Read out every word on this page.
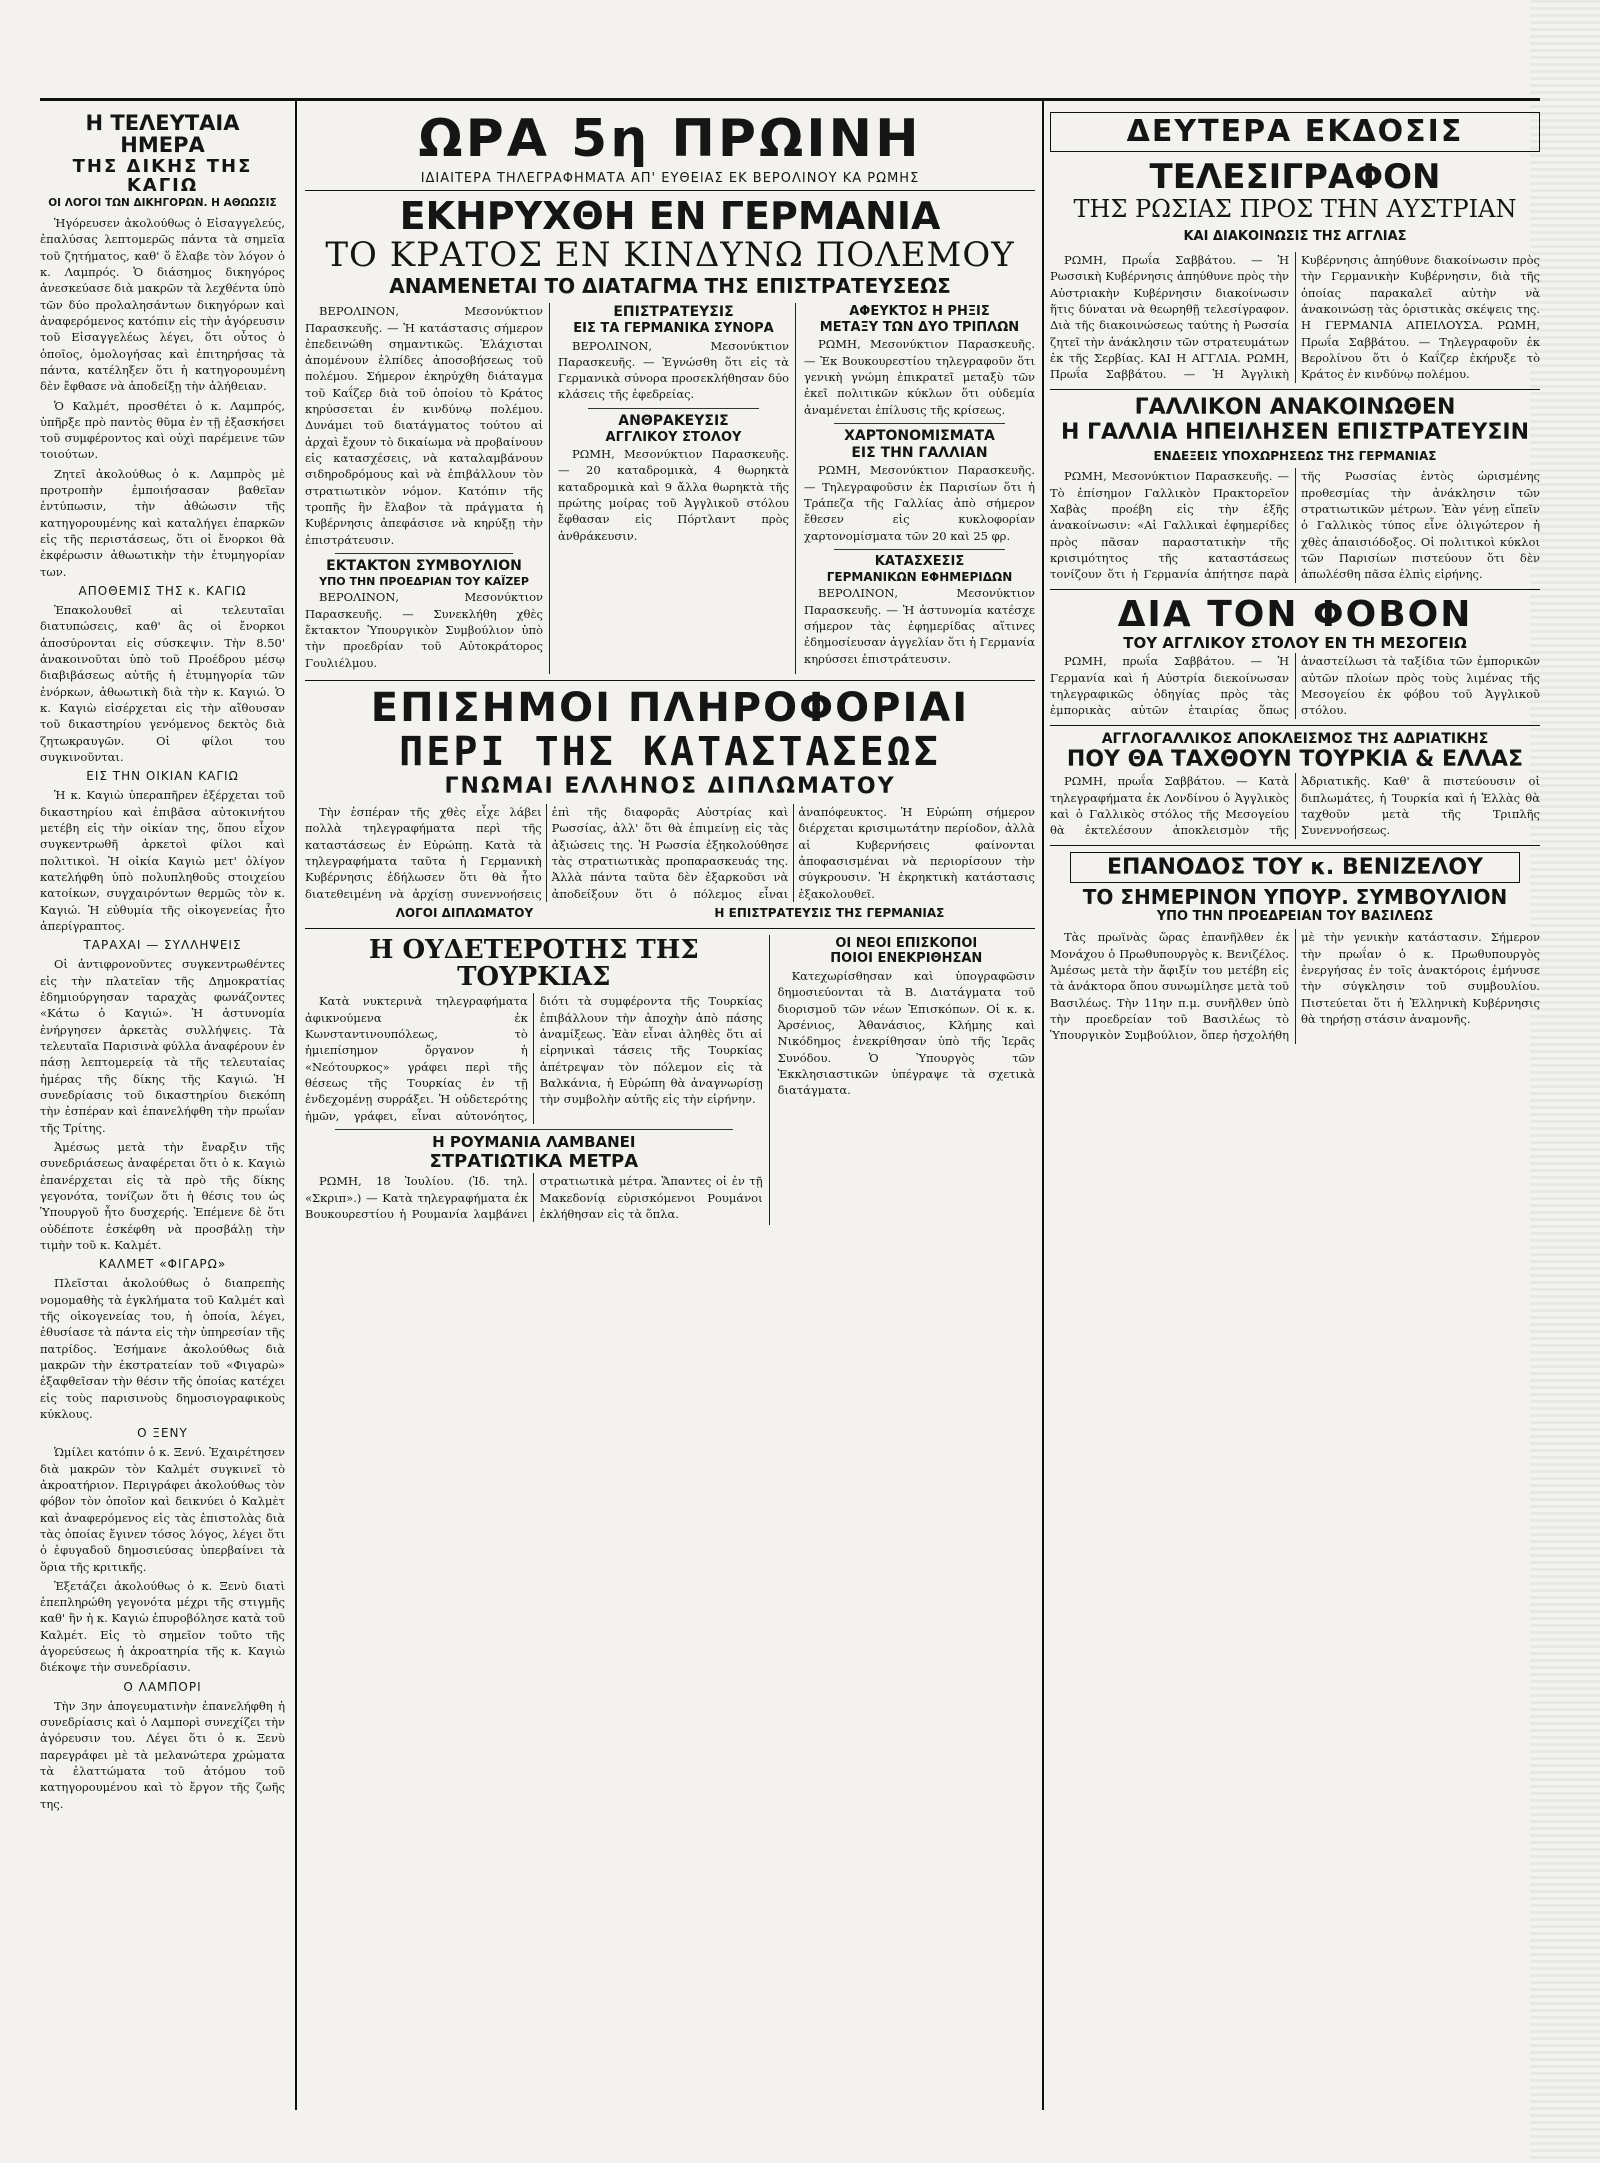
Η ΤΕΛΕΥΤΑΙΑ ΗΜΕΡΑ
ΤΗΣ ΔΙΚΗΣ ΤΗΣ ΚΑΓΙΩ
ΟΙ ΛΟΓΟΙ ΤΩΝ ΔΙΚΗΓΟΡΩΝ. Η ΑΘΩΩΣΙΣ

Ἡγόρευσεν ἀκολούθως ὁ Εἰσαγγελεύς, ἐπαλύσας λεπτομερῶς πάντα τὰ σημεῖα τοῦ ζητήματος, καθ' ὅ ἔλαβε τὸν λόγον ὁ κ. Λαμπρός. Ὁ διάσημος δικηγόρος ἀνεσκεύασε διὰ μακρῶν τὰ λεχθέντα ὑπὸ τῶν δύο προλαλησάντων δικηγόρων καὶ ἀναφερόμενος κατόπιν εἰς τὴν ἀγόρευσιν τοῦ Εἰσαγγελέως λέγει, ὅτι οὗτος ὁ ὁποῖος, ὁμολογήσας καὶ ἐπιτηρήσας τὰ πάντα, κατέληξεν ὅτι ἡ κατηγορουμένη δὲν ἔφθασε νὰ ἀποδείξῃ τὴν ἀλήθειαν.

Ὁ Καλμέτ, προσθέτει ὁ κ. Λαμπρός, ὑπῆρξε πρὸ παντὸς θῦμα ἐν τῇ ἐξασκήσει τοῦ συμφέροντος καὶ οὐχὶ παρέμεινε τῶν τοιούτων.

Ζητεῖ ἀκολούθως ὁ κ. Λαμπρὸς μὲ προτροπὴν ἐμποιήσασαν βαθεῖαν ἐντύπωσιν, τὴν ἀθώωσιν τῆς κατηγορουμένης καὶ καταλήγει ἐπαρκῶν εἰς τῆς περιστάσεως, ὅτι οἱ ἔνορκοι θὰ ἐκφέρωσιν ἀθωωτικὴν τὴν ἐτυμηγορίαν των.

ΑΠΟΘΕΜΙΣ ΤΗΣ κ. ΚΑΓΙΩ

Ἐπακολουθεῖ αἱ τελευταῖαι διατυπώσεις, καθ' ἃς οἱ ἔνορκοι ἀποσύρονται εἰς σύσκεψιν. Τὴν 8.50' ἀνακοινοῦται ὑπὸ τοῦ Προέδρου μέσῳ διαβιβάσεως αὐτῆς ἡ ἐτυμηγορία τῶν ἐνόρκων, ἀθωωτικὴ διὰ τὴν κ. Καγιώ. Ὁ κ. Καγιὼ εἰσέρχεται εἰς τὴν αἴθουσαν τοῦ δικαστηρίου γενόμενος δεκτὸς διὰ ζητωκραυγῶν. Οἱ φίλοι του συγκινοῦνται.

ΕΙΣ ΤΗΝ ΟΙΚΙΑΝ ΚΑΓΙΩ

Ἡ κ. Καγιὼ ὑπεραπῆρεν ἐξέρχεται τοῦ δικαστηρίου καὶ ἐπιβᾶσα αὐτοκινήτου μετέβη εἰς τὴν οἰκίαν της, ὅπου εἶχον συγκεντρωθῆ ἀρκετοὶ φίλοι καὶ πολιτικοὶ. Ἡ οἰκία Καγιὼ μετ' ὀλίγον κατελήφθη ὑπὸ πολυπληθοῦς στοιχείου κατοίκων, συγχαιρόντων θερμῶς τὸν κ. Καγιώ. Ἡ εὐθυμία τῆς οἰκογενείας ἦτο ἀπερίγραπτος.

ΤΑΡΑΧΑΙ — ΣΥΛΛΗΨΕΙΣ

Οἱ ἀντιφρονοῦντες συγκεντρωθέντες εἰς τὴν πλατεῖαν τῆς Δημοκρατίας ἐδημιούργησαν ταραχὰς φωνάζοντες «Κάτω ὁ Καγιώ». Ἡ ἀστυνομία ἐνήργησεν ἀρκετὰς συλλήψεις. Τὰ τελευταῖα Παρισινὰ φύλλα ἀναφέρουν ἐν πάσῃ λεπτομερείᾳ τὰ τῆς τελευταίας ἡμέρας τῆς δίκης τῆς Καγιώ. Ἡ συνεδρίασις τοῦ δικαστηρίου διεκόπη τὴν ἑσπέραν καὶ ἐπανελήφθη τὴν πρωΐαν τῆς Τρίτης.

Ἀμέσως μετὰ τὴν ἔναρξιν τῆς συνεδριάσεως ἀναφέρεται ὅτι ὁ κ. Καγιὼ ἐπανέρχεται εἰς τὰ πρὸ τῆς δίκης γεγονότα, τονίζων ὅτι ἡ θέσις του ὡς Ὑπουργοῦ ἦτο δυσχερής. Ἐπέμενε δὲ ὅτι οὐδέποτε ἐσκέφθη νὰ προσβάλῃ τὴν τιμὴν τοῦ κ. Καλμέτ.

ΚΑΛΜΕΤ «ΦΙΓΑΡΩ»

Πλεῖσται ἀκολούθως ὁ διαπρεπὴς νομομαθὴς τὰ ἐγκλήματα τοῦ Καλμέτ καὶ τῆς οἰκογενείας του, ἡ ὁποία, λέγει, ἐθυσίασε τὰ πάντα εἰς τὴν ὑπηρεσίαν τῆς πατρίδος. Ἐσήμανε ἀκολούθως διὰ μακρῶν τὴν ἐκστρατείαν τοῦ «Φιγαρὼ» ἐξαφθεῖσαν τὴν θέσιν τῆς ὁποίας κατέχει εἰς τοὺς παρισινοὺς δημοσιογραφικοὺς κύκλους.

Ο ΞΕΝΥ

Ὡμίλει κατόπιν ὁ κ. Ξενύ. Ἐχαιρέτησεν διὰ μακρῶν τὸν Καλμέτ συγκινεῖ τὸ ἀκροατήριον. Περιγράφει ἀκολούθως τὸν φόβον τὸν ὁποῖον καὶ δεικνύει ὁ Καλμὲτ καὶ ἀναφερόμενος εἰς τὰς ἐπιστολὰς διὰ τὰς ὁποίας ἔγινεν τόσος λόγος, λέγει ὅτι ὁ ἐφυγαδοῦ δημοσιεύσας ὑπερβαίνει τὰ ὅρια τῆς κριτικῆς.

Ἐξετάζει ἀκολούθως ὁ κ. Ξενὺ διατὶ ἐπεπληρώθη γεγονότα μέχρι τῆς στιγμῆς καθ' ἣν ἡ κ. Καγιὼ ἐπυροβόλησε κατὰ τοῦ Καλμέτ. Εἰς τὸ σημεῖον τοῦτο τῆς ἀγορεύσεως ἡ ἀκροατηρία τῆς κ. Καγιὼ διέκοψε τὴν συνεδρίασιν.

Ο ΛΑΜΠΟΡΙ

Τὴν 3ην ἀπογευματινὴν ἐπανελήφθη ἡ συνεδρίασις καὶ ὁ Λαμπορὶ συνεχίζει τὴν ἀγόρευσιν του. Λέγει ὅτι ὁ κ. Ξενὺ παρεγράφει μὲ τὰ μελανώτερα χρώματα τὰ ἐλαττώματα τοῦ ἀτόμου τοῦ κατηγορουμένου καὶ τὸ ἔργον τῆς ζωῆς της.

ΩΡΑ 5η ΠΡΩΙΝΗ
ΙΔΙΑΙΤΕΡΑ ΤΗΛΕΓΡΑΦΗΜΑΤΑ ΑΠ' ΕΥΘΕΙΑΣ ΕΚ ΒΕΡΟΛΙΝΟΥ ΚΑ ΡΩΜΗΣ
ΕΚΗΡΥΧΘΗ ΕΝ ΓΕΡΜΑΝΙΑ
ΤΟ ΚΡΑΤΟΣ ΕΝ ΚΙΝΔΥΝΩ ΠΟΛΕΜΟΥ
ΑΝΑΜΕΝΕΤΑΙ ΤΟ ΔΙΑΤΑΓΜΑ ΤΗΣ ΕΠΙΣΤΡΑΤΕΥΣΕΩΣ

ΒΕΡΟΛΙΝΟΝ, Μεσονύκτιον Παρασκευῆς. — Ἡ κατάστασις σήμερον ἐπεδεινώθη σημαντικῶς. Ἐλάχισται ἀπομένουν ἐλπίδες ἀποσοβήσεως τοῦ πολέμου. Σήμερον ἐκηρύχθη διάταγμα τοῦ Καΐζερ διὰ τοῦ ὁποίου τὸ Κράτος κηρύσσεται ἐν κινδύνῳ πολέμου. Δυνάμει τοῦ διατάγματος τούτου αἱ ἀρχαὶ ἔχουν τὸ δικαίωμα νὰ προβαίνουν εἰς κατασχέσεις, νὰ καταλαμβάνουν σιδηροδρόμους καὶ νὰ ἐπιβάλλουν τὸν στρατιωτικὸν νόμον. Κατόπιν τῆς τροπῆς ἣν ἔλαβον τὰ πράγματα ἡ Κυβέρνησις ἀπεφάσισε νὰ κηρύξῃ τὴν ἐπιστράτευσιν.

ΕΚΤΑΚΤΟΝ ΣΥΜΒΟΥΛΙΟΝ
ΥΠΟ ΤΗΝ ΠΡΟΕΔΡΙΑΝ ΤΟΥ ΚΑΪΖΕΡ

ΒΕΡΟΛΙΝΟΝ, Μεσονύκτιον Παρασκευῆς. — Συνεκλήθη χθὲς ἔκτακτον Ὑπουργικὸν Συμβούλιον ὑπὸ τὴν προεδρίαν τοῦ Αὐτοκράτορος Γουλιέλμου.

ΕΠΙΣΤΡΑΤΕΥΣΙΣ
ΕΙΣ ΤΑ ΓΕΡΜΑΝΙΚΑ ΣΥΝΟΡΑ

ΒΕΡΟΛΙΝΟΝ, Μεσονύκτιον Παρασκευῆς. — Ἐγνώσθη ὅτι εἰς τὰ Γερμανικὰ σύνορα προσεκλήθησαν δύο κλάσεις τῆς ἐφεδρείας.

ΑΝΘΡΑΚΕΥΣΙΣ
ΑΓΓΛΙΚΟΥ ΣΤΟΛΟΥ

ΡΩΜΗ, Μεσονύκτιον Παρασκευῆς. — 20 καταδρομικὰ, 4 θωρηκτὰ καταδρομικὰ καὶ 9 ἄλλα θωρηκτὰ τῆς πρώτης μοίρας τοῦ Ἀγγλικοῦ στόλου ἔφθασαν εἰς Πόρτλαντ πρὸς ἀνθράκευσιν.

ΑΦΕΥΚΤΟΣ Η ΡΗΞΙΣ
ΜΕΤΑΞΥ ΤΩΝ ΔΥΟ ΤΡΙΠΛΩΝ

ΡΩΜΗ, Μεσονύκτιον Παρασκευῆς. — Ἐκ Βουκουρεστίου τηλεγραφοῦν ὅτι γενικὴ γνώμη ἐπικρατεῖ μεταξὺ τῶν ἐκεῖ πολιτικῶν κύκλων ὅτι οὐδεμία ἀναμένεται ἐπίλυσις τῆς κρίσεως.

ΧΑΡΤΟΝΟΜΙΣΜΑΤΑ
ΕΙΣ ΤΗΝ ΓΑΛΛΙΑΝ

ΡΩΜΗ, Μεσονύκτιον Παρασκευῆς. — Τηλεγραφοῦσιν ἐκ Παρισίων ὅτι ἡ Τράπεζα τῆς Γαλλίας ἀπὸ σήμερον ἔθεσεν εἰς κυκλοφορίαν χαρτονομίσματα τῶν 20 καὶ 25 φρ.

ΚΑΤΑΣΧΕΣΙΣ
ΓΕΡΜΑΝΙΚΩΝ ΕΦΗΜΕΡΙΔΩΝ

ΒΕΡΟΛΙΝΟΝ, Μεσονύκτιον Παρασκευῆς. — Ἡ ἀστυνομία κατέσχε σήμερον τὰς ἐφημερίδας αἵτινες ἐδημοσίευσαν ἀγγελίαν ὅτι ἡ Γερμανία κηρύσσει ἐπιστράτευσιν.

ΕΠΙΣΗΜΟΙ ΠΛΗΡΟΦΟΡΙΑΙ
ΠΕΡΙ ΤΗΣ ΚΑΤΑΣΤΑΣΕΩΣ
ΓΝΩΜΑΙ ΕΛΛΗΝΟΣ ΔΙΠΛΩΜΑΤΟΥ

Τὴν ἑσπέραν τῆς χθὲς εἶχε λάβει πολλὰ τηλεγραφήματα περὶ τῆς καταστάσεως ἐν Εὐρώπῃ. Κατὰ τὰ τηλεγραφήματα ταῦτα ἡ Γερμανικὴ Κυβέρνησις ἐδήλωσεν ὅτι θὰ ἦτο διατεθειμένη νὰ ἀρχίσῃ συνεννοήσεις ἐπὶ τῆς διαφορᾶς Αὐστρίας καὶ Ρωσσίας, ἀλλ' ὅτι θὰ ἐπιμείνῃ εἰς τὰς ἀξιώσεις της. Ἡ Ρωσσία ἐξηκολούθησε τὰς στρατιωτικὰς προπαρασκευάς της. Ἀλλὰ πάντα ταῦτα δὲν ἐξαρκοῦσι νὰ ἀποδείξουν ὅτι ὁ πόλεμος εἶναι ἀναπόφευκτος. Ἡ Εὐρώπη σήμερον διέρχεται κρισιμωτάτην περίοδον, ἀλλὰ αἱ Κυβερνήσεις φαίνονται ἀποφασισμέναι νὰ περιορίσουν τὴν σύγκρουσιν. Ἡ ἐκρηκτικὴ κατάστασις ἐξακολουθεῖ.

ΛΟΓΟΙ ΔΙΠΛΩΜΑΤΟΥ	Η ΕΠΙΣΤΡΑΤΕΥΣΙΣ ΤΗΣ ΓΕΡΜΑΝΙΑΣ
Η ΟΥΔΕΤΕΡΟΤΗΣ ΤΗΣ ΤΟΥΡΚΙΑΣ

Κατὰ νυκτερινὰ τηλεγραφήματα ἀφικνούμενα ἐκ Κωνσταντινουπόλεως, τὸ ἡμιεπίσημον ὄργανον ἡ «Νεότουρκος» γράφει περὶ τῆς θέσεως τῆς Τουρκίας ἐν τῇ ἐνδεχομένῃ συρράξει. Ἡ οὐδετερότης ἡμῶν, γράφει, εἶναι αὐτονόητος, διότι τὰ συμφέροντα τῆς Τουρκίας ἐπιβάλλουν τὴν ἀποχὴν ἀπὸ πάσης ἀναμίξεως. Ἐὰν εἶναι ἀληθὲς ὅτι αἱ εἰρηνικαὶ τάσεις τῆς Τουρκίας ἀπέτρεψαν τὸν πόλεμον εἰς τὰ Βαλκάνια, ἡ Εὐρώπη θὰ ἀναγνωρίσῃ τὴν συμβολὴν αὐτῆς εἰς τὴν εἰρήνην.

Η ΡΟΥΜΑΝΙΑ ΛΑΜΒΑΝΕΙ
ΣΤΡΑΤΙΩΤΙΚΑ ΜΕΤΡΑ

ΡΩΜΗ, 18 Ἰουλίου. (Ἰδ. τηλ. «Σκριπ».) — Κατὰ τηλεγραφήματα ἐκ Βουκουρεστίου ἡ Ρουμανία λαμβάνει στρατιωτικὰ μέτρα. Ἅπαντες οἱ ἐν τῇ Μακεδονίᾳ εὑρισκόμενοι Ρουμάνοι ἐκλήθησαν εἰς τὰ ὅπλα.

ΟΙ ΝΕΟΙ ΕΠΙΣΚΟΠΟΙ
ΠΟΙΟΙ ΕΝΕΚΡΙΘΗΣΑΝ

Κατεχωρίσθησαν καὶ ὑπογραφῶσιν δημοσιεύονται τὰ Β. Διατάγματα τοῦ διορισμοῦ τῶν νέων Ἐπισκόπων. Οἱ κ. κ. Ἀρσένιος, Ἀθανάσιος, Κλήμης καὶ Νικόδημος ἐνεκρίθησαν ὑπὸ τῆς Ἱερᾶς Συνόδου. Ὁ Ὑπουργὸς τῶν Ἐκκλησιαστικῶν ὑπέγραψε τὰ σχετικὰ διατάγματα.

ΔΕΥΤΕΡΑ ΕΚΔΟΣΙΣ
ΤΕΛΕΣΙΓΡΑΦΟΝ
ΤΗΣ ΡΩΣΙΑΣ ΠΡΟΣ ΤΗΝ ΑΥΣΤΡΙΑΝ
ΚΑΙ ΔΙΑΚΟΙΝΩΣΙΣ ΤΗΣ ΑΓΓΛΙΑΣ

ΡΩΜΗ, Πρωΐα Σαββάτου. — Ἡ Ρωσσικὴ Κυβέρνησις ἀπηύθυνε πρὸς τὴν Αὐστριακὴν Κυβέρνησιν διακοίνωσιν ἥτις δύναται νὰ θεωρηθῇ τελεσίγραφον. Διὰ τῆς διακοινώσεως ταύτης ἡ Ρωσσία ζητεῖ τὴν ἀνάκλησιν τῶν στρατευμάτων ἐκ τῆς Σερβίας. ΚΑΙ Η ΑΓΓΛΙΑ. ΡΩΜΗ, Πρωΐα Σαββάτου. — Ἡ Ἀγγλικὴ Κυβέρνησις ἀπηύθυνε διακοίνωσιν πρὸς τὴν Γερμανικὴν Κυβέρνησιν, διὰ τῆς ὁποίας παρακαλεῖ αὐτὴν νὰ ἀνακοινώσῃ τὰς ὁριστικὰς σκέψεις της. Η ΓΕΡΜΑΝΙΑ ΑΠΕΙΛΟΥΣΑ. ΡΩΜΗ, Πρωΐα Σαββάτου. — Τηλεγραφοῦν ἐκ Βερολίνου ὅτι ὁ Καΐζερ ἐκήρυξε τὸ Κράτος ἐν κινδύνῳ πολέμου.

ΓΑΛΛΙΚΟΝ ΑΝΑΚΟΙΝΩΘΕΝ
Η ΓΑΛΛΙΑ ΗΠΕΙΛΗΣΕΝ ΕΠΙΣΤΡΑΤΕΥΣΙΝ
ΕΝΔΕΞΕΙΣ ΥΠΟΧΩΡΗΣΕΩΣ ΤΗΣ ΓΕΡΜΑΝΙΑΣ

ΡΩΜΗ, Μεσονύκτιον Παρασκευῆς. — Τὸ ἐπίσημον Γαλλικὸν Πρακτορεῖον Χαβὰς προέβη εἰς τὴν ἑξῆς ἀνακοίνωσιν: «Αἱ Γαλλικαὶ ἐφημερίδες πρὸς πᾶσαν παραστατικὴν τῆς κρισιμότητος τῆς καταστάσεως τονίζουν ὅτι ἡ Γερμανία ἀπήτησε παρὰ τῆς Ρωσσίας ἐντὸς ὡρισμένης προθεσμίας τὴν ἀνάκλησιν τῶν στρατιωτικῶν μέτρων. Ἐὰν γένῃ εἴπεῖν ὁ Γαλλικὸς τύπος εἶνε ὀλιγώτερον ἡ χθὲς ἀπαισιόδοξος. Οἱ πολιτικοὶ κύκλοι τῶν Παρισίων πιστεύουν ὅτι δὲν ἀπωλέσθη πᾶσα ἐλπὶς εἰρήνης.

ΔΙΑ ΤΟΝ ΦΟΒΟΝ
ΤΟΥ ΑΓΓΛΙΚΟΥ ΣΤΟΛΟΥ ΕΝ ΤΗ ΜΕΣΟΓΕΙΩ

ΡΩΜΗ, πρωΐα Σαββάτου. — Ἡ Γερμανία καὶ ἡ Αὐστρία διεκοίνωσαν τηλεγραφικῶς ὁδηγίας πρὸς τὰς ἐμπορικὰς αὐτῶν ἑταιρίας ὅπως ἀναστείλωσι τὰ ταξίδια τῶν ἐμπορικῶν αὐτῶν πλοίων πρὸς τοὺς λιμένας τῆς Μεσογείου ἐκ φόβου τοῦ Ἀγγλικοῦ στόλου.

ΑΓΓΛΟΓΑΛΛΙΚΟΣ ΑΠΟΚΛΕΙΣΜΟΣ ΤΗΣ ΑΔΡΙΑΤΙΚΗΣ
ΠΟΥ ΘΑ ΤΑΧΘΟΥΝ ΤΟΥΡΚΙΑ & ΕΛΛΑΣ

ΡΩΜΗ, πρωΐα Σαββάτου. — Κατὰ τηλεγραφήματα ἐκ Λονδίνου ὁ Ἀγγλικὸς καὶ ὁ Γαλλικὸς στόλος τῆς Μεσογείου θὰ ἐκτελέσουν ἀποκλεισμὸν τῆς Ἀδριατικῆς. Καθ' ἃ πιστεύουσιν οἱ διπλωμάτες, ἡ Τουρκία καὶ ἡ Ἑλλὰς θὰ ταχθοῦν μετὰ τῆς Τριπλῆς Συνεννοήσεως.

ΕΠΑΝΟΔΟΣ ΤΟΥ κ. ΒΕΝΙΖΕΛΟΥ
ΤΟ ΣΗΜΕΡΙΝΟΝ ΥΠΟΥΡ. ΣΥΜΒΟΥΛΙΟΝ
ΥΠΟ ΤΗΝ ΠΡΟΕΔΡΕΙΑΝ ΤΟΥ ΒΑΣΙΛΕΩΣ

Τὰς πρωϊνὰς ὥρας ἐπανῆλθεν ἐκ Μονάχου ὁ Πρωθυπουργὸς κ. Βενιζέλος. Ἀμέσως μετὰ τὴν ἄφιξίν του μετέβη εἰς τὰ ἀνάκτορα ὅπου συνωμίλησε μετὰ τοῦ Βασιλέως. Τὴν 11ην π.μ. συνῆλθεν ὑπὸ τὴν προεδρείαν τοῦ Βασιλέως τὸ Ὑπουργικὸν Συμβούλιον, ὅπερ ἠσχολήθη μὲ τὴν γενικὴν κατάστασιν. Σήμερον τὴν πρωΐαν ὁ κ. Πρωθυπουργὸς ἐνεργήσας ἐν τοῖς ἀνακτόροις ἐμήνυσε τὴν σύγκλησιν τοῦ συμβουλίου. Πιστεύεται ὅτι ἡ Ἑλληνικὴ Κυβέρνησις θὰ τηρήσῃ στάσιν ἀναμονῆς.
